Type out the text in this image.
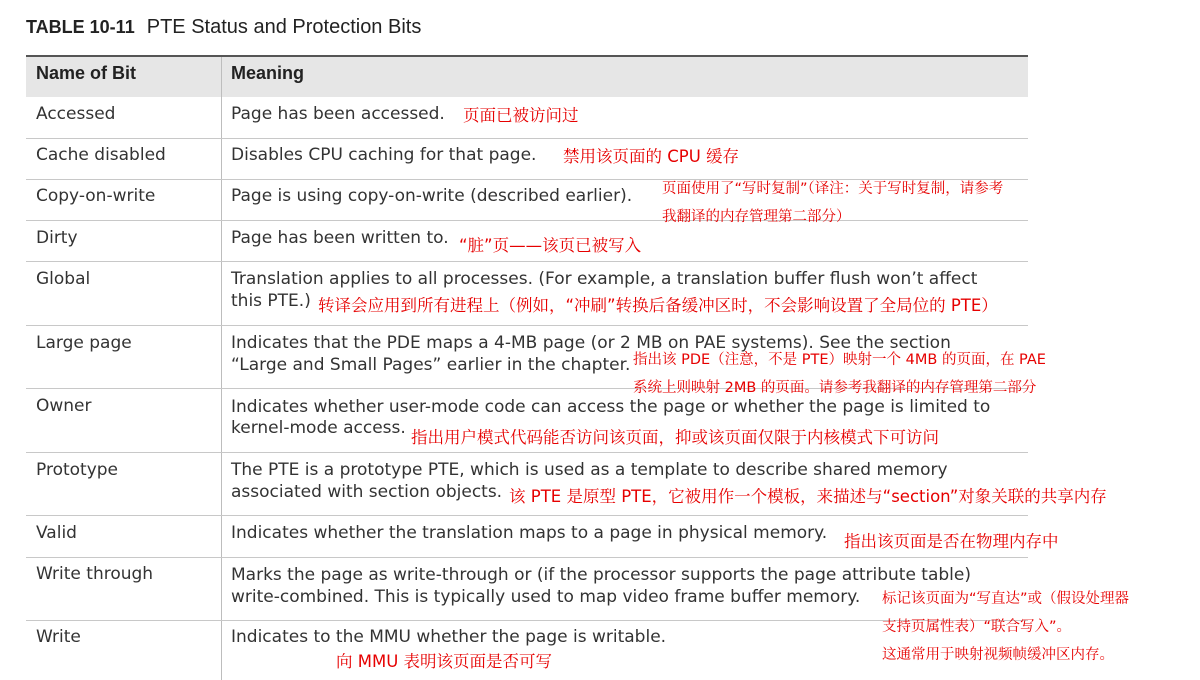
TABLE 10-11 PTE Status and Protection Bits
Name of Bit	Meaning
Accessed	Page has been accessed. 页面已被访问过
Cache disabled	Disables CPU caching for that page. 禁用该页面的 CPU 缓存
Copy-on-write	Page is using copy-on-write (described earlier). 页面使用了“写时复制”（译注：关于写时复制，请参考
我翻译的内存管理第二部分）
Dirty	Page has been written to. “脏”页——该页已被写入
Global	Translation applies to all processes. (For example, a translation buffer flush won’t affect
this PTE.) 转译会应用到所有进程上（例如，“冲刷”转换后备缓冲区时，不会影响设置了全局位的 PTE）
Large page	Indicates that the PDE maps a 4-MB page (or 2 MB on PAE systems). See the section
“Large and Small Pages” earlier in the chapter. 指出该 PDE（注意，不是 PTE）映射一个 4MB 的页面，在 PAE
系统上则映射 2MB 的页面。请参考我翻译的内存管理第二部分
Owner	Indicates whether user-mode code can access the page or whether the page is limited to
kernel-mode access. 指出用户模式代码能否访问该页面，抑或该页面仅限于内核模式下可访问
Prototype	The PTE is a prototype PTE, which is used as a template to describe shared memory
associated with section objects. 该 PTE 是原型 PTE，它被用作一个模板，来描述与“section”对象关联的共享内存
Valid	Indicates whether the translation maps to a page in physical memory. 指出该页面是否在物理内存中
Write through	Marks the page as write-through or (if the processor supports the page attribute table)
write-combined. This is typically used to map video frame buffer memory. 标记该页面为“写直达”或（假设处理器
支持页属性表）“联合写入”。
这通常用于映射视频帧缓冲区内存。
Write	Indicates to the MMU whether the page is writable.
向 MMU 表明该页面是否可写
